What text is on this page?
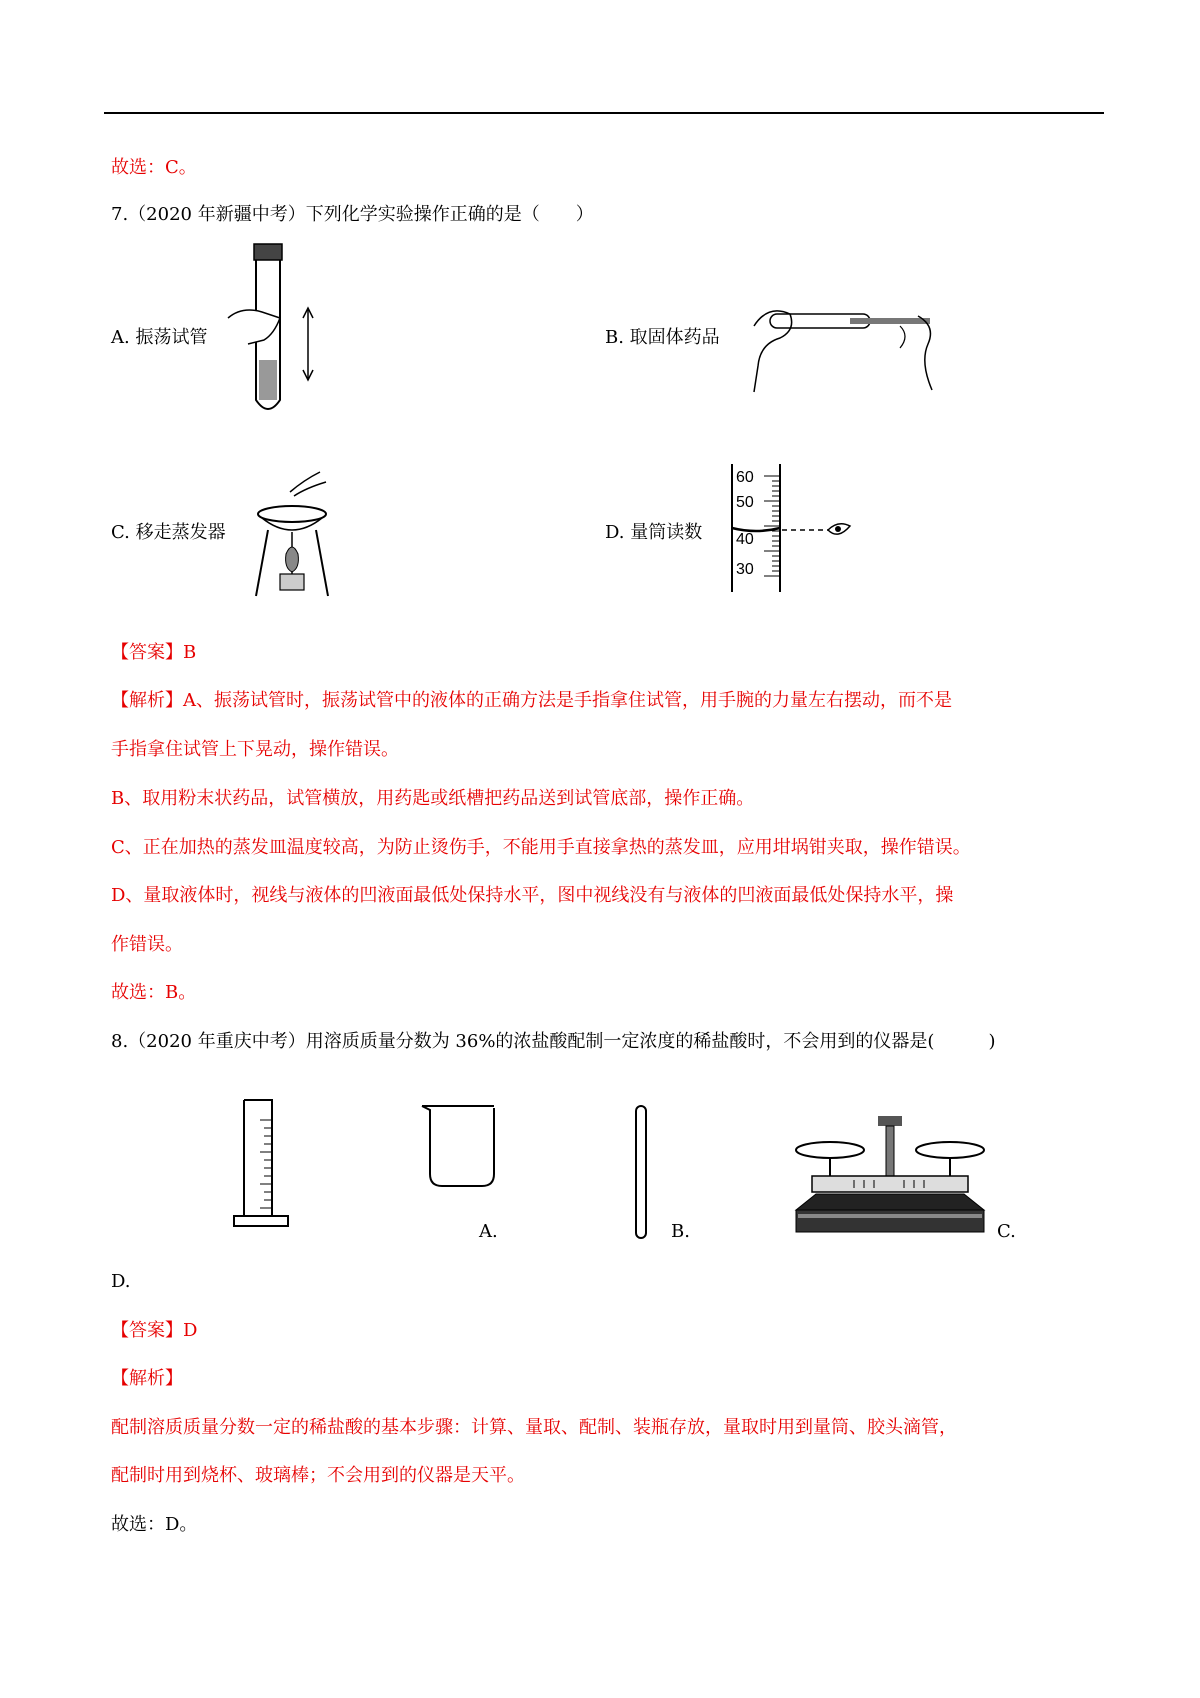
故选：C。
7.（2020 年新疆中考）下列化学实验操作正确的是（　　）
A. 振荡试管	B. 取固体药品
C. 移走蒸发器	D. 量筒读数
60
50
40
30
【答案】B
【解析】A、振荡试管时，振荡试管中的液体的正确方法是手指拿住试管，用手腕的力量左右摆动，而不是
手指拿住试管上下晃动，操作错误。
B、取用粉末状药品，试管横放，用药匙或纸槽把药品送到试管底部，操作正确。
C、正在加热的蒸发皿温度较高，为防止烫伤手，不能用手直接拿热的蒸发皿，应用坩埚钳夹取，操作错误。
D、量取液体时，视线与液体的凹液面最低处保持水平，图中视线没有与液体的凹液面最低处保持水平，操
作错误。
故选：B。
8.（2020 年重庆中考）用溶质质量分数为 36%的浓盐酸配制一定浓度的稀盐酸时，不会用到的仪器是(　　　)
A.	B.	C.
D.
【答案】D
【解析】
配制溶质质量分数一定的稀盐酸的基本步骤：计算、量取、配制、装瓶存放，量取时用到量筒、胶头滴管，
配制时用到烧杯、玻璃棒；不会用到的仪器是天平。
故选：D。
